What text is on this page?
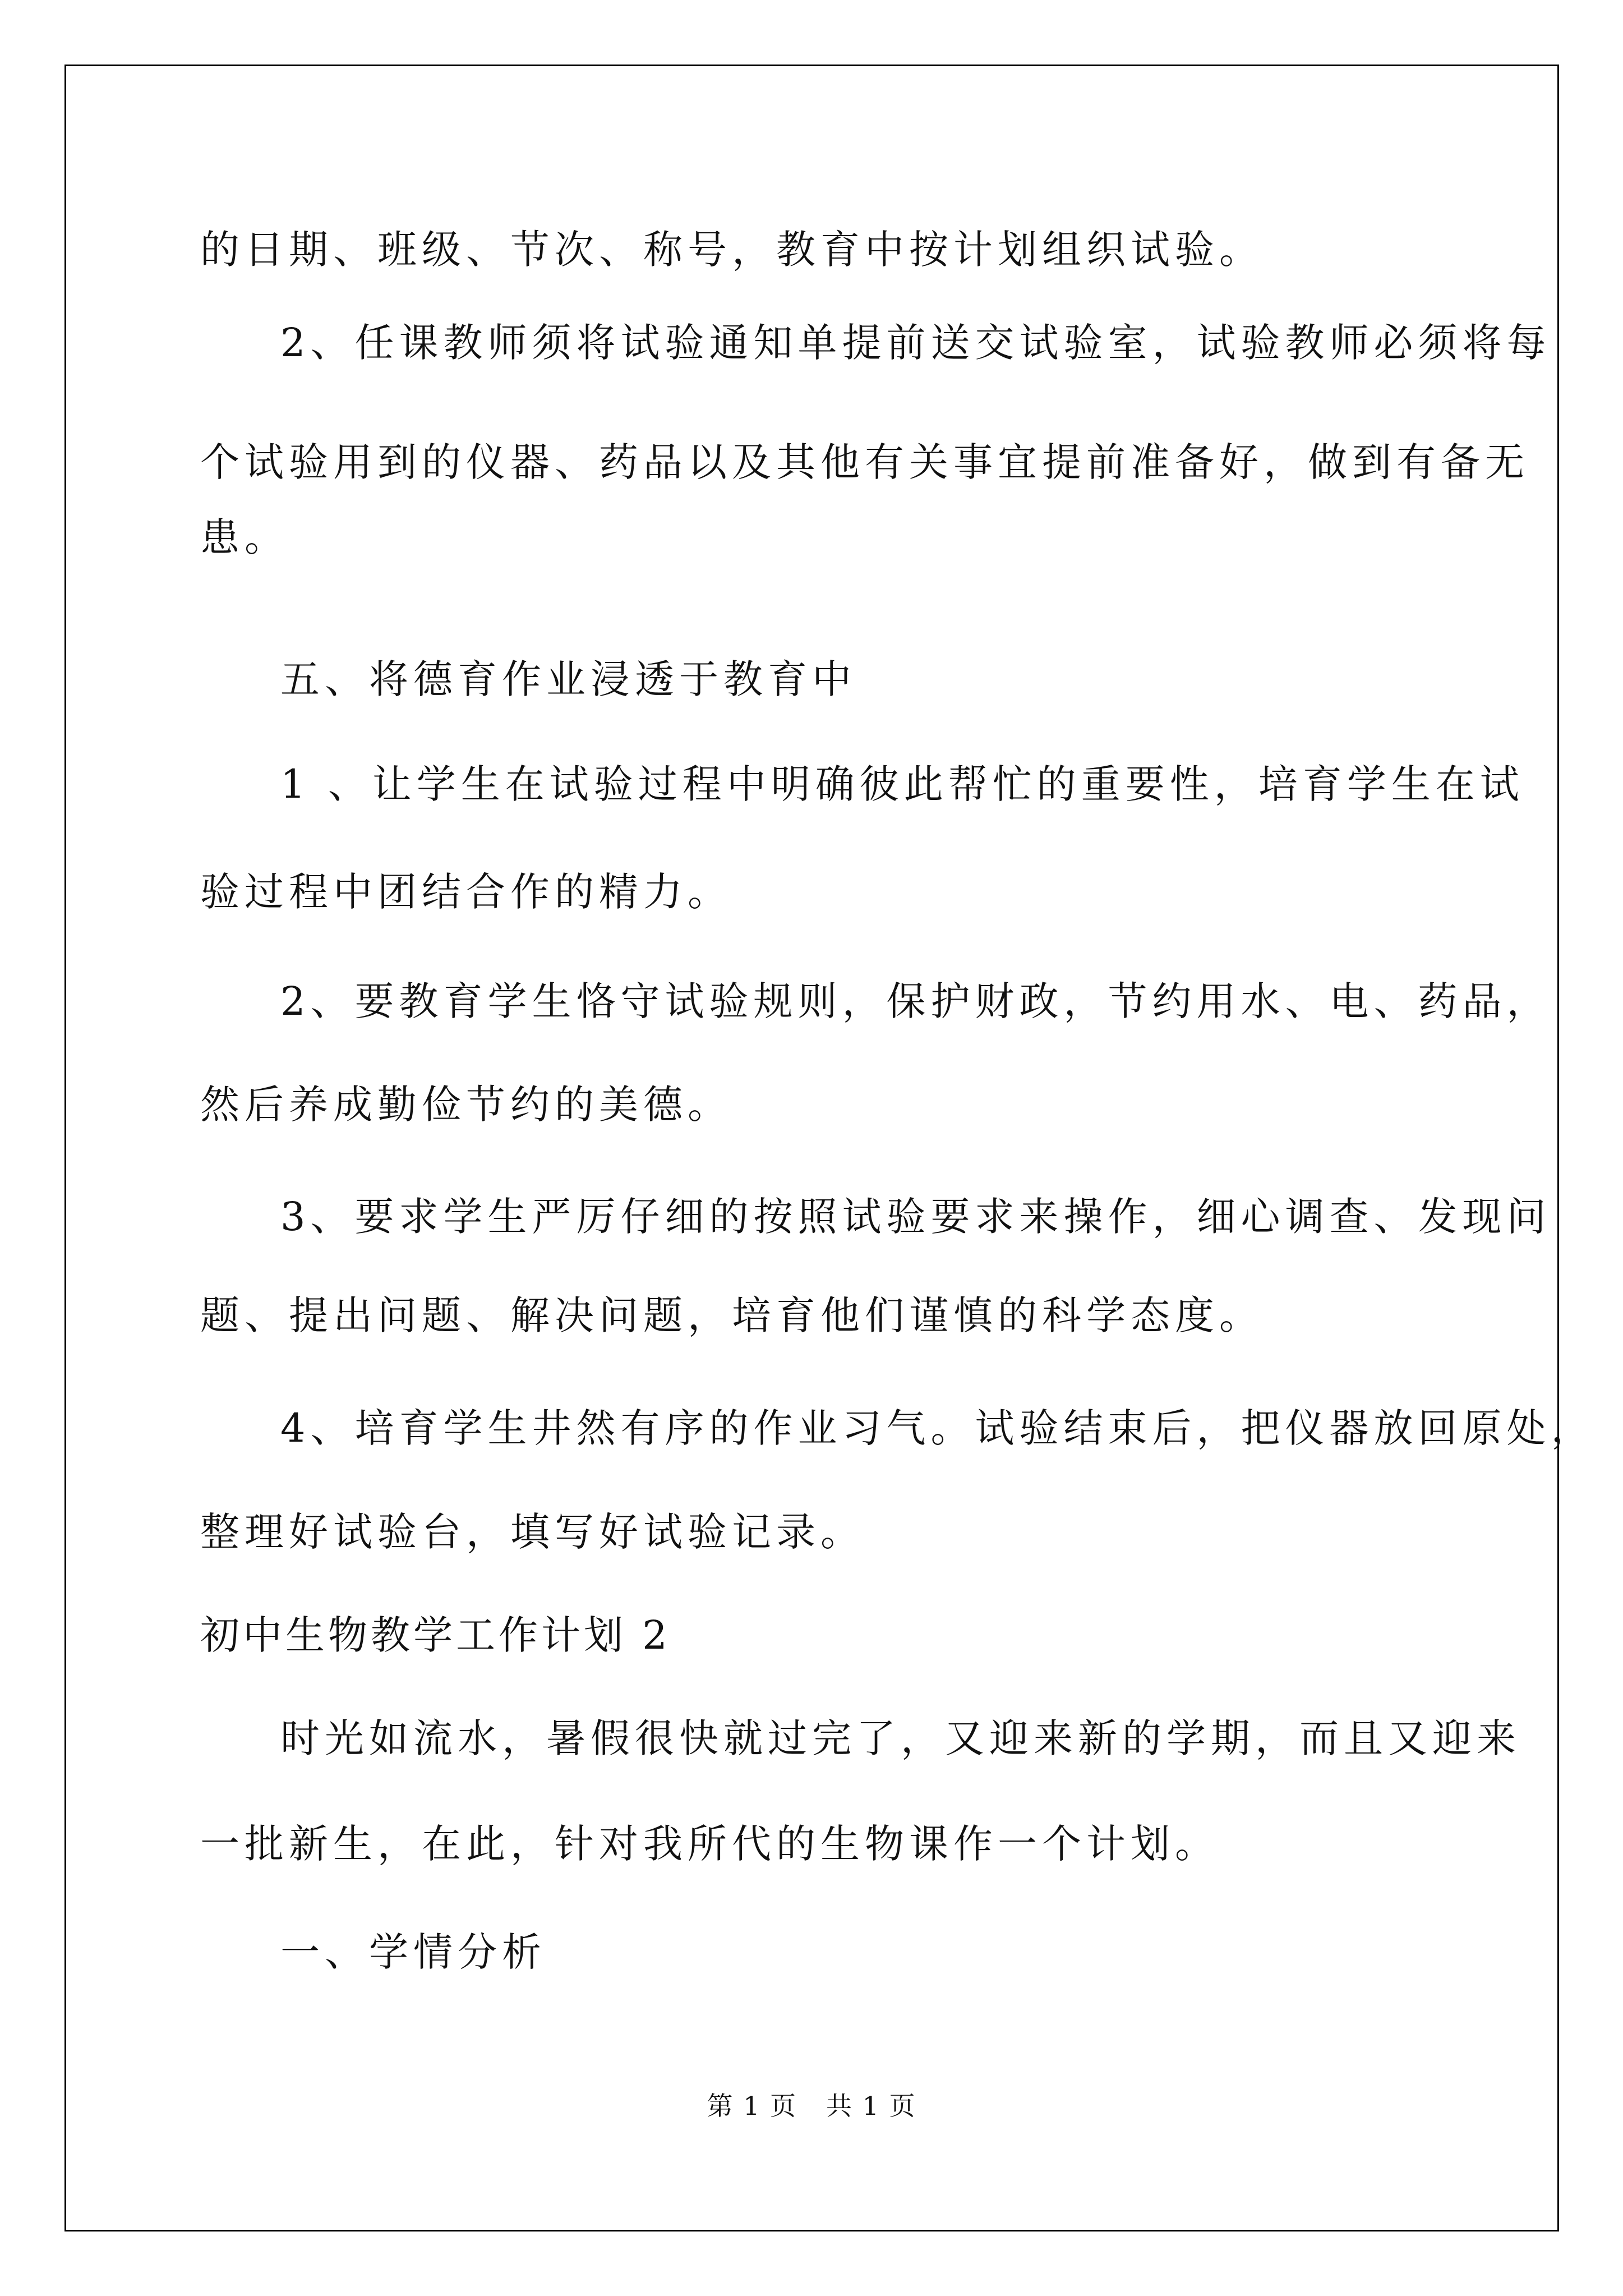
的日期、班级、节次、称号，教育中按计划组织试验。
2、任课教师须将试验通知单提前送交试验室，试验教师必须将每
个试验用到的仪器、药品以及其他有关事宜提前准备好，做到有备无
患。
五、将德育作业浸透于教育中
1 、让学生在试验过程中明确彼此帮忙的重要性，培育学生在试
验过程中团结合作的精力。
2、要教育学生恪守试验规则，保护财政，节约用水、电、药品，
然后养成勤俭节约的美德。
3、要求学生严厉仔细的按照试验要求来操作，细心调查、发现问
题、提出问题、解决问题，培育他们谨慎的科学态度。
4、培育学生井然有序的作业习气。试验结束后，把仪器放回原处，
整理好试验台，填写好试验记录。
初中生物教学工作计划 2
时光如流水，暑假很快就过完了，又迎来新的学期，而且又迎来
一批新生，在此，针对我所代的生物课作一个计划。
一、学情分析
第 1 页 共 1 页
